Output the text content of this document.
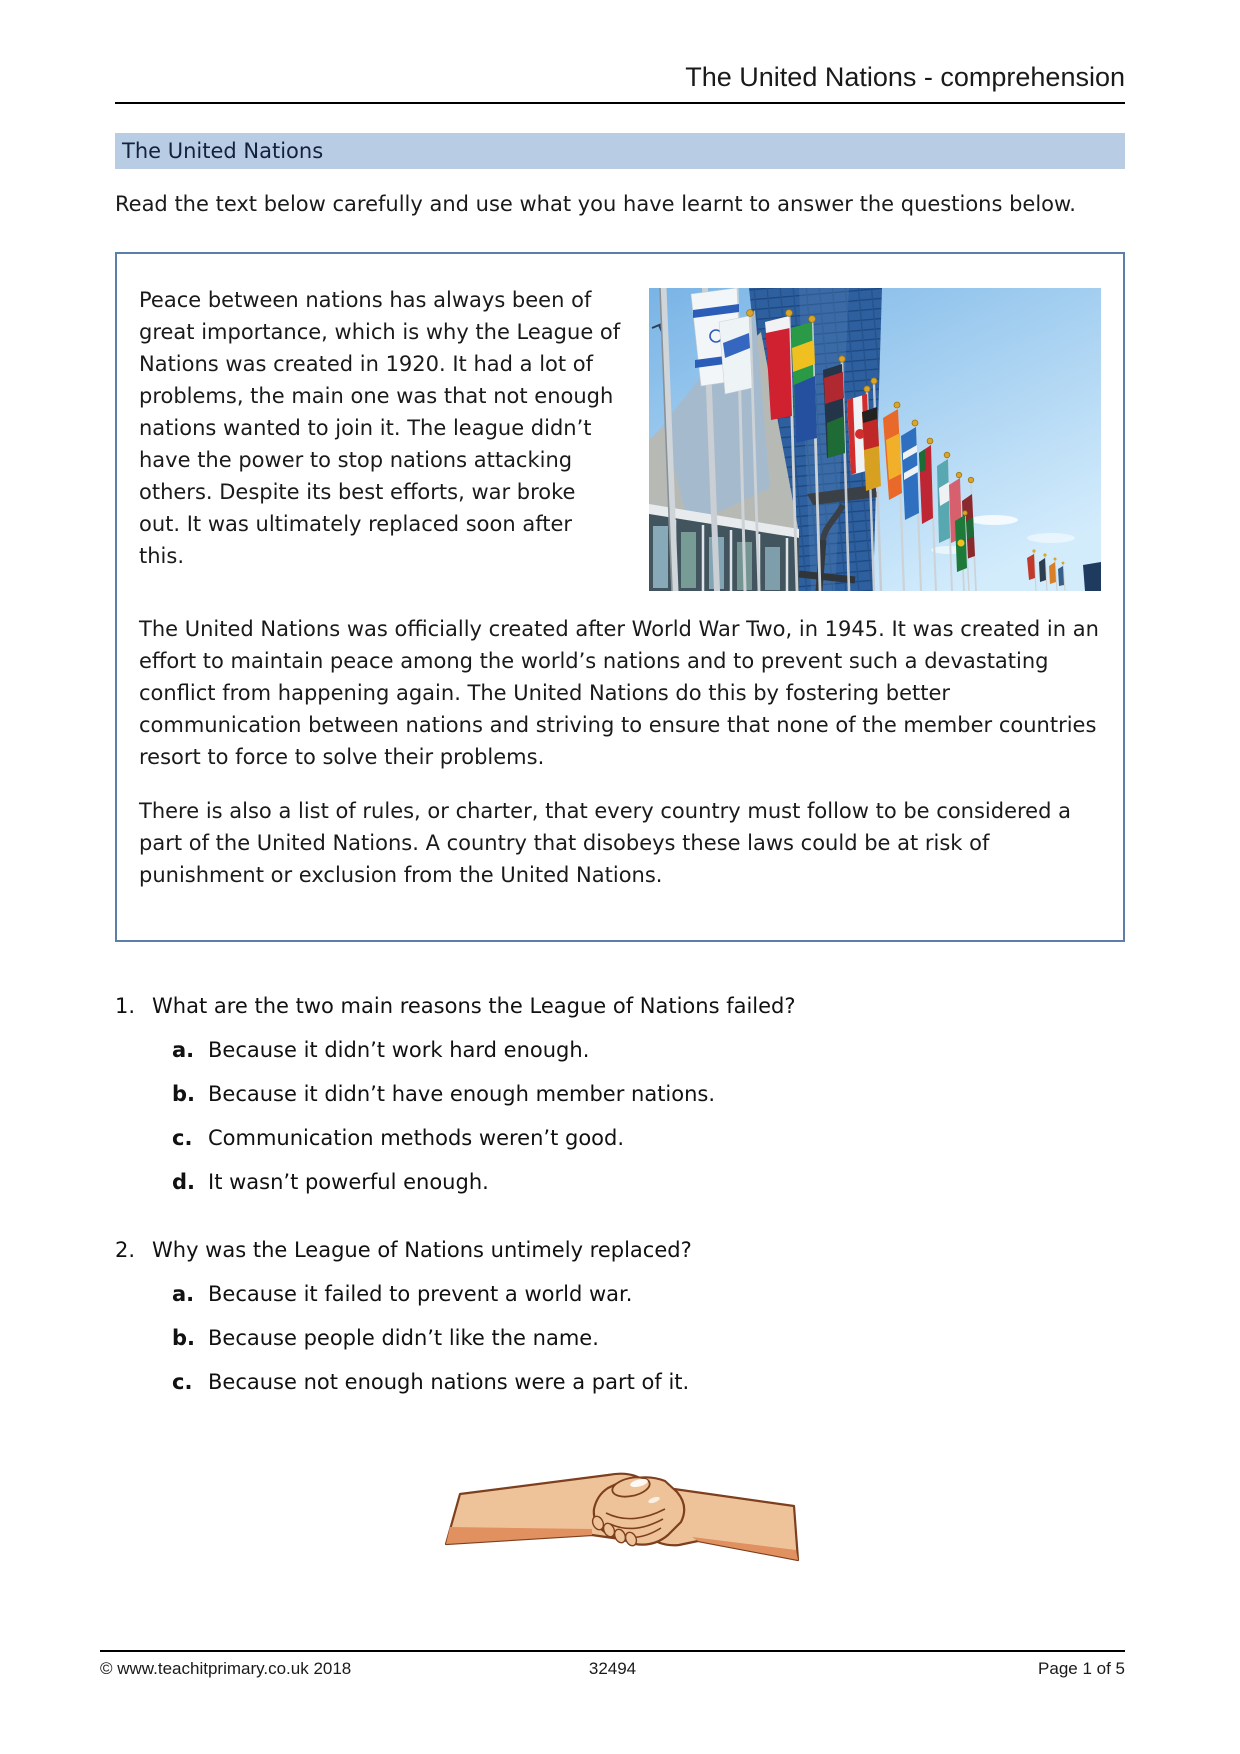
The United Nations - comprehension
The United Nations

Read the text below carefully and use what you have learnt to answer the questions below.

Peace between nations has always been of great importance, which is why the League of Nations was created in 1920. It had a lot of problems, the main one was that not enough nations wanted to join it. The league didn’t have the power to stop nations attacking others. Despite its best efforts, war broke out. It was ultimately replaced soon after this.

The United Nations was officially created after World War Two, in 1945. It was created in an effort to maintain peace among the world’s nations and to prevent such a devastating conflict from happening again. The United Nations do this by fostering better communication between nations and striving to ensure that none of the member countries resort to force to solve their problems.

There is also a list of rules, or charter, that every country must follow to be considered a part of the United Nations. A country that disobeys these laws could be at risk of punishment or exclusion from the United Nations.

1. What are the two main reasons the League of Nations failed?
a. Because it didn’t work hard enough.
b. Because it didn’t have enough member nations.
c. Communication methods weren’t good.
d. It wasn’t powerful enough.
2. Why was the League of Nations untimely replaced?
a. Because it failed to prevent a world war.
b. Because people didn’t like the name.
c. Because not enough nations were a part of it.
© www.teachitprimary.co.uk 2018	32494	Page 1 of 5
